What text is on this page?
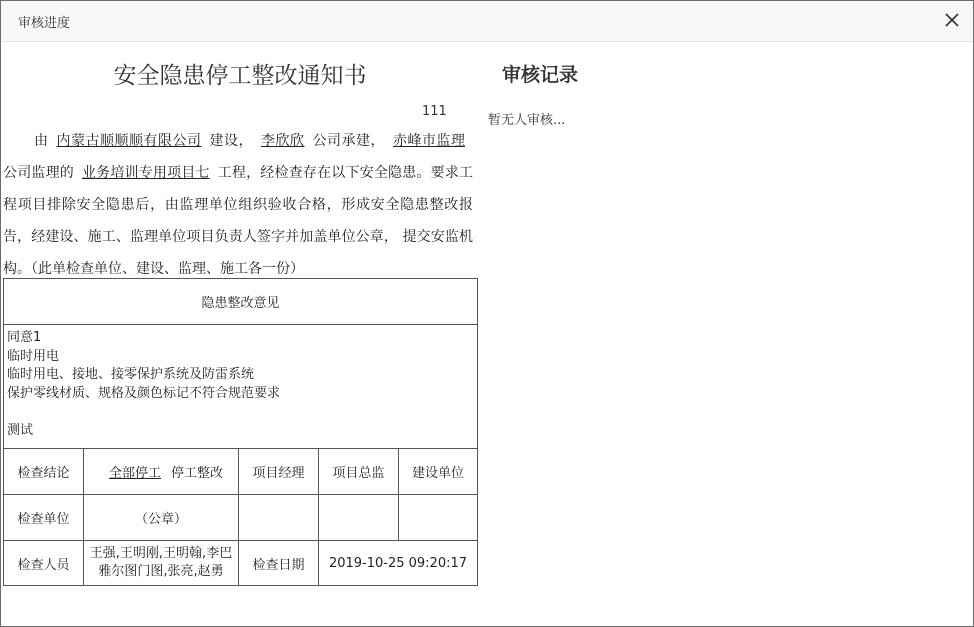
审核进度
安全隐患停工整改通知书
111
由 内蒙古顺顺顺有限公司 建设， 李欣欣 公司承建， 赤峰市监理公司监理的 业务培训专用项目七 工程，经检查存在以下安全隐患。要求工程项目排除安全隐患后，由监理单位组织验收合格，形成安全隐患整改报告，经建设、施工、监理单位项目负责人签字并加盖单位公章， 提交安监机构。（此单检查单位、建设、监理、施工各一份）
隐患整改意见				

同意1
临时用电
临时用电、接地、接零保护系统及防雷系统
保护零线材质、规格及颜色标记不符合规范要求
测试				

检查结论	全部停工 停工整改	项目经理	项目总监	建设单位
检查单位	（公章）			
检查人员	王强,王明刚,王明翰,李巴雅尔图门图,张亮,赵勇	检查日期	2019-10-25 09:20:17	
审核记录
暂无人审核...
